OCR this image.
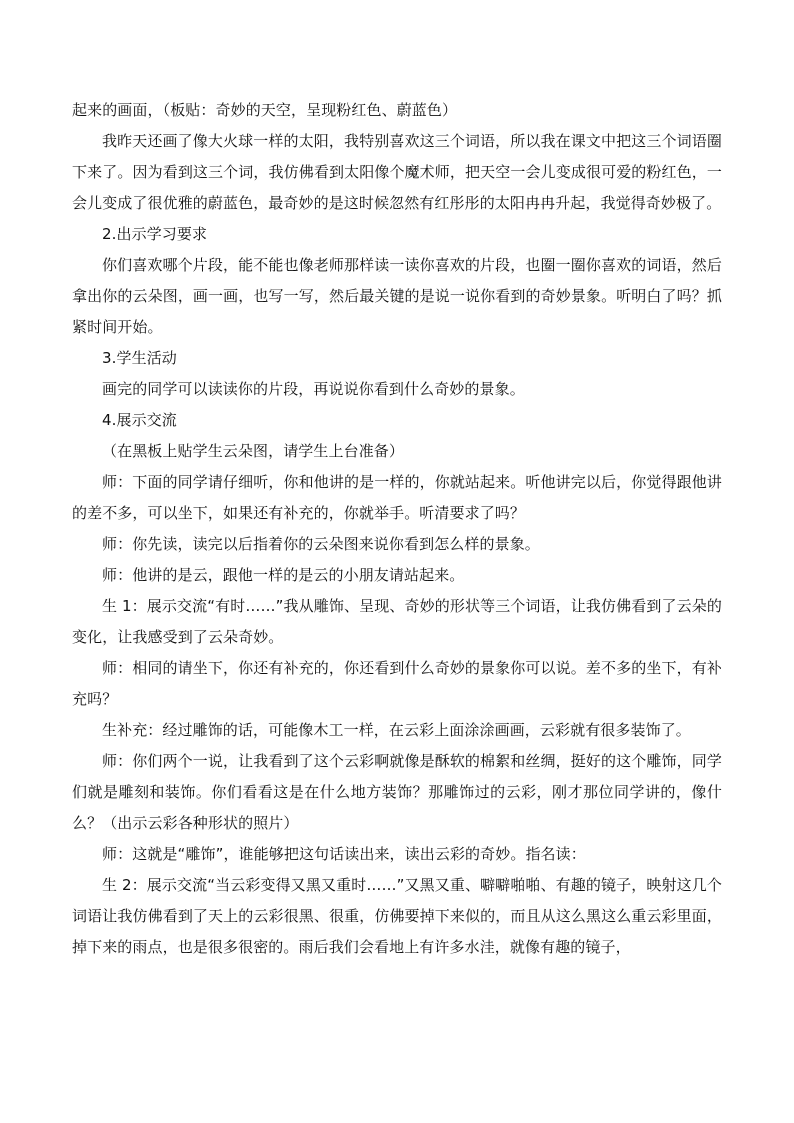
起来的画面，（板贴：奇妙的天空，呈现粉红色、蔚蓝色）

我昨天还画了像大火球一样的太阳，我特别喜欢这三个词语，所以我在课文中把这三个词语圈下来了。因为看到这三个词，我仿佛看到太阳像个魔术师，把天空一会儿变成很可爱的粉红色，一会儿变成了很优雅的蔚蓝色，最奇妙的是这时候忽然有红彤彤的太阳冉冉升起，我觉得奇妙极了。

2.出示学习要求

你们喜欢哪个片段，能不能也像老师那样读一读你喜欢的片段，也圈一圈你喜欢的词语，然后拿出你的云朵图，画一画，也写一写，然后最关键的是说一说你看到的奇妙景象。听明白了吗？抓紧时间开始。

3.学生活动

画完的同学可以读读你的片段，再说说你看到什么奇妙的景象。

4.展示交流

（在黑板上贴学生云朵图，请学生上台准备）

师：下面的同学请仔细听，你和他讲的是一样的，你就站起来。听他讲完以后，你觉得跟他讲的差不多，可以坐下，如果还有补充的，你就举手。听清要求了吗？

师：你先读，读完以后指着你的云朵图来说你看到怎么样的景象。

师：他讲的是云，跟他一样的是云的小朋友请站起来。

生 1：展示交流“有时……”我从雕饰、呈现、奇妙的形状等三个词语，让我仿佛看到了云朵的变化，让我感受到了云朵奇妙。

师：相同的请坐下，你还有补充的，你还看到什么奇妙的景象你可以说。差不多的坐下，有补充吗？

生补充：经过雕饰的话，可能像木工一样，在云彩上面涂涂画画，云彩就有很多装饰了。

师：你们两个一说，让我看到了这个云彩啊就像是酥软的棉絮和丝绸，挺好的这个雕饰，同学们就是雕刻和装饰。你们看看这是在什么地方装饰？那雕饰过的云彩，刚才那位同学讲的，像什么？（出示云彩各种形状的照片）

师：这就是“雕饰”，谁能够把这句话读出来，读出云彩的奇妙。指名读：

生 2：展示交流“当云彩变得又黑又重时……”又黑又重、噼噼啪啪、有趣的镜子，映射这几个词语让我仿佛看到了天上的云彩很黑、很重，仿佛要掉下来似的，而且从这么黑这么重云彩里面，掉下来的雨点，也是很多很密的。雨后我们会看地上有许多水洼，就像有趣的镜子，
